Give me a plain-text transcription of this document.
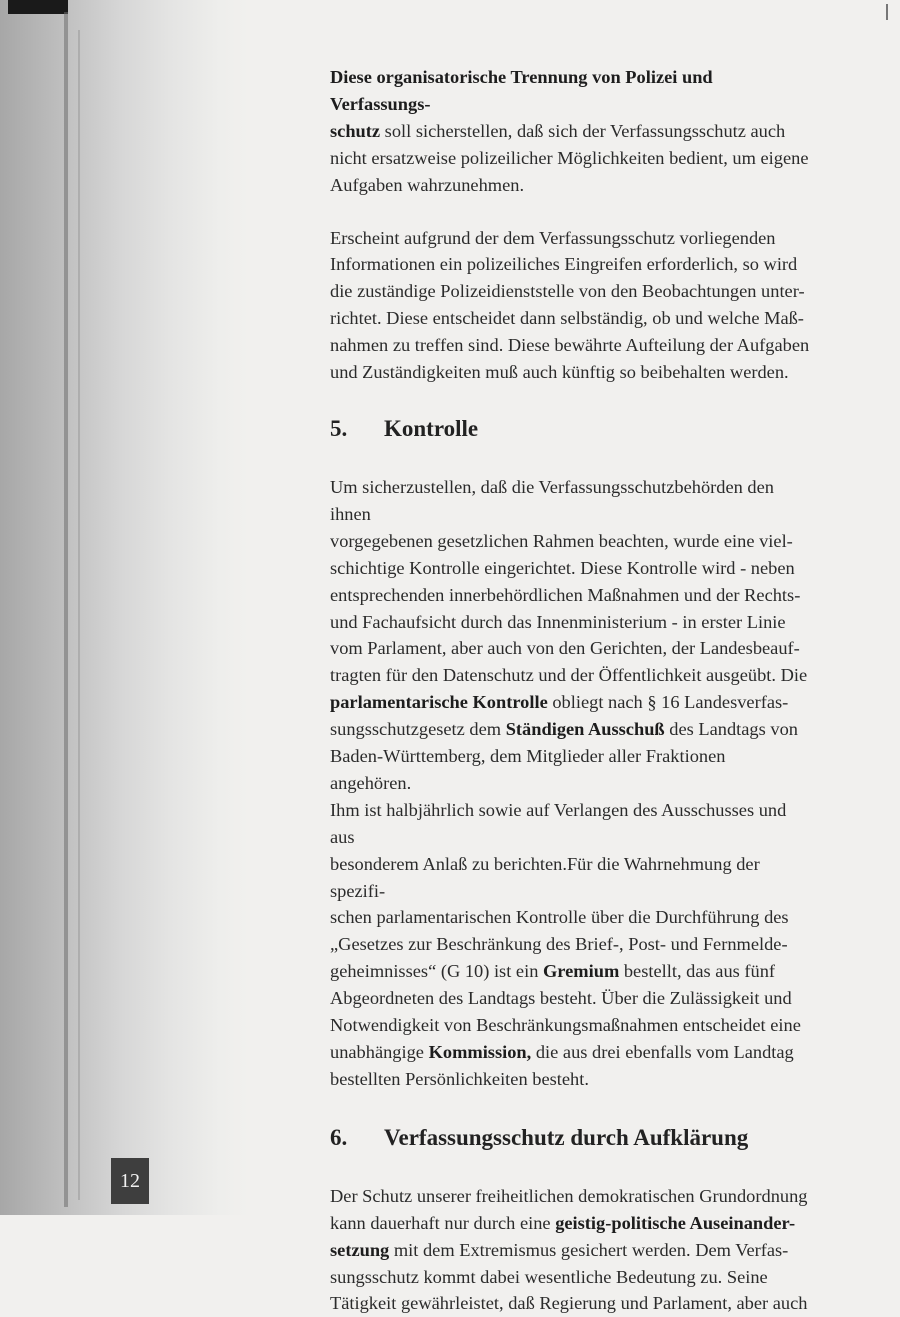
12

Diese organisatorische Trennung von Polizei und Verfassungs-
schutz soll sicherstellen, daß sich der Verfassungsschutz auch
nicht ersatzweise polizeilicher Möglichkeiten bedient, um eigene
Aufgaben wahrzunehmen.

Erscheint aufgrund der dem Verfassungsschutz vorliegenden
Informationen ein polizeiliches Eingreifen erforderlich, so wird
die zuständige Polizeidienststelle von den Beobachtungen unter-
richtet. Diese entscheidet dann selbständig, ob und welche Maß-
nahmen zu treffen sind. Diese bewährte Aufteilung der Aufgaben
und Zuständigkeiten muß auch künftig so beibehalten werden.

5.	Kontrolle

Um sicherzustellen, daß die Verfassungsschutzbehörden den ihnen
vorgegebenen gesetzlichen Rahmen beachten, wurde eine viel-
schichtige Kontrolle eingerichtet. Diese Kontrolle wird - neben
entsprechenden innerbehördlichen Maßnahmen und der Rechts-
und Fachaufsicht durch das Innenministerium - in erster Linie
vom Parlament, aber auch von den Gerichten, der Landesbeauf-
tragten für den Datenschutz und der Öffentlichkeit ausgeübt. Die
parlamentarische Kontrolle obliegt nach § 16 Landesverfas-
sungsschutzgesetz dem Ständigen Ausschuß des Landtags von
Baden-Württemberg, dem Mitglieder aller Fraktionen angehören.
Ihm ist halbjährlich sowie auf Verlangen des Ausschusses und aus
besonderem Anlaß zu berichten.Für die Wahrnehmung der spezifi-
schen parlamentarischen Kontrolle über die Durchführung des
„Gesetzes zur Beschränkung des Brief-, Post- und Fernmelde-
geheimnisses“ (G 10) ist ein Gremium bestellt, das aus fünf
Abgeordneten des Landtags besteht. Über die Zulässigkeit und
Notwendigkeit von Beschränkungsmaßnahmen entscheidet eine
unabhängige Kommission, die aus drei ebenfalls vom Landtag
bestellten Persönlichkeiten besteht.

6.	Verfassungsschutz durch Aufklärung

Der Schutz unserer freiheitlichen demokratischen Grundordnung
kann dauerhaft nur durch eine geistig-politische Auseinander-
setzung mit dem Extremismus gesichert werden. Dem Verfas-
sungsschutz kommt dabei wesentliche Bedeutung zu. Seine
Tätigkeit gewährleistet, daß Regierung und Parlament, aber auch
